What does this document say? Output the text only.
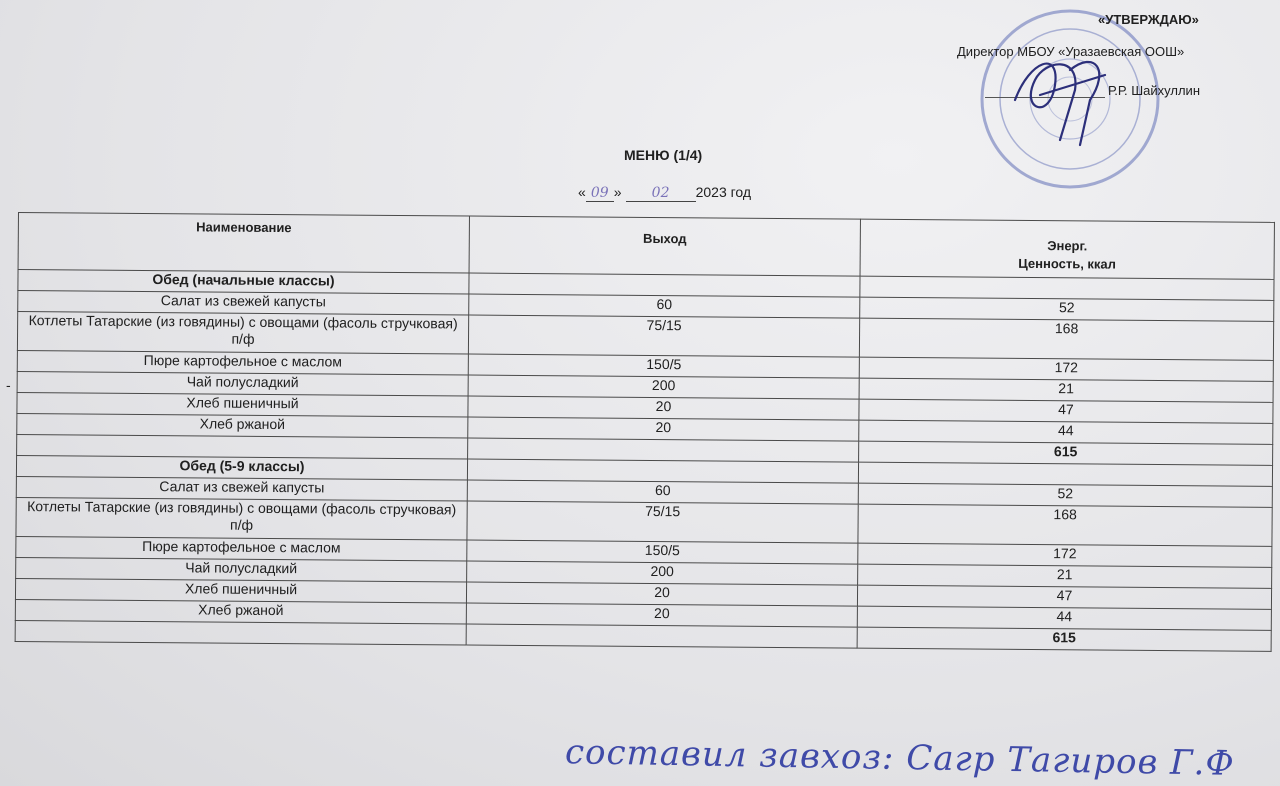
«УТВЕРЖДАЮ»
Директор МБОУ «Уразаевская ООШ»
Р.Р. Шайхуллин
МЕНЮ (1/4)
« 09 » 02 2023 год
-
Наименование	Выход	Энерг.
Ценность, ккал
Обед (начальные классы)		
Салат из свежей капусты	60	52
Котлеты Татарские (из говядины) с овощами (фасоль стручковая) п/ф	75/15	168
Пюре картофельное с маслом	150/5	172
Чай полусладкий	200	21
Хлеб пшеничный	20	47
Хлеб ржаной	20	44
		615
Обед (5-9 классы)		
Салат из свежей капусты	60	52
Котлеты Татарские (из говядины) с овощами (фасоль стручковая) п/ф	75/15	168
Пюре картофельное с маслом	150/5	172
Чай полусладкий	200	21
Хлеб пшеничный	20	47
Хлеб ржаной	20	44
		615
составил завхоз: Сагр Тагиров Г.Ф
